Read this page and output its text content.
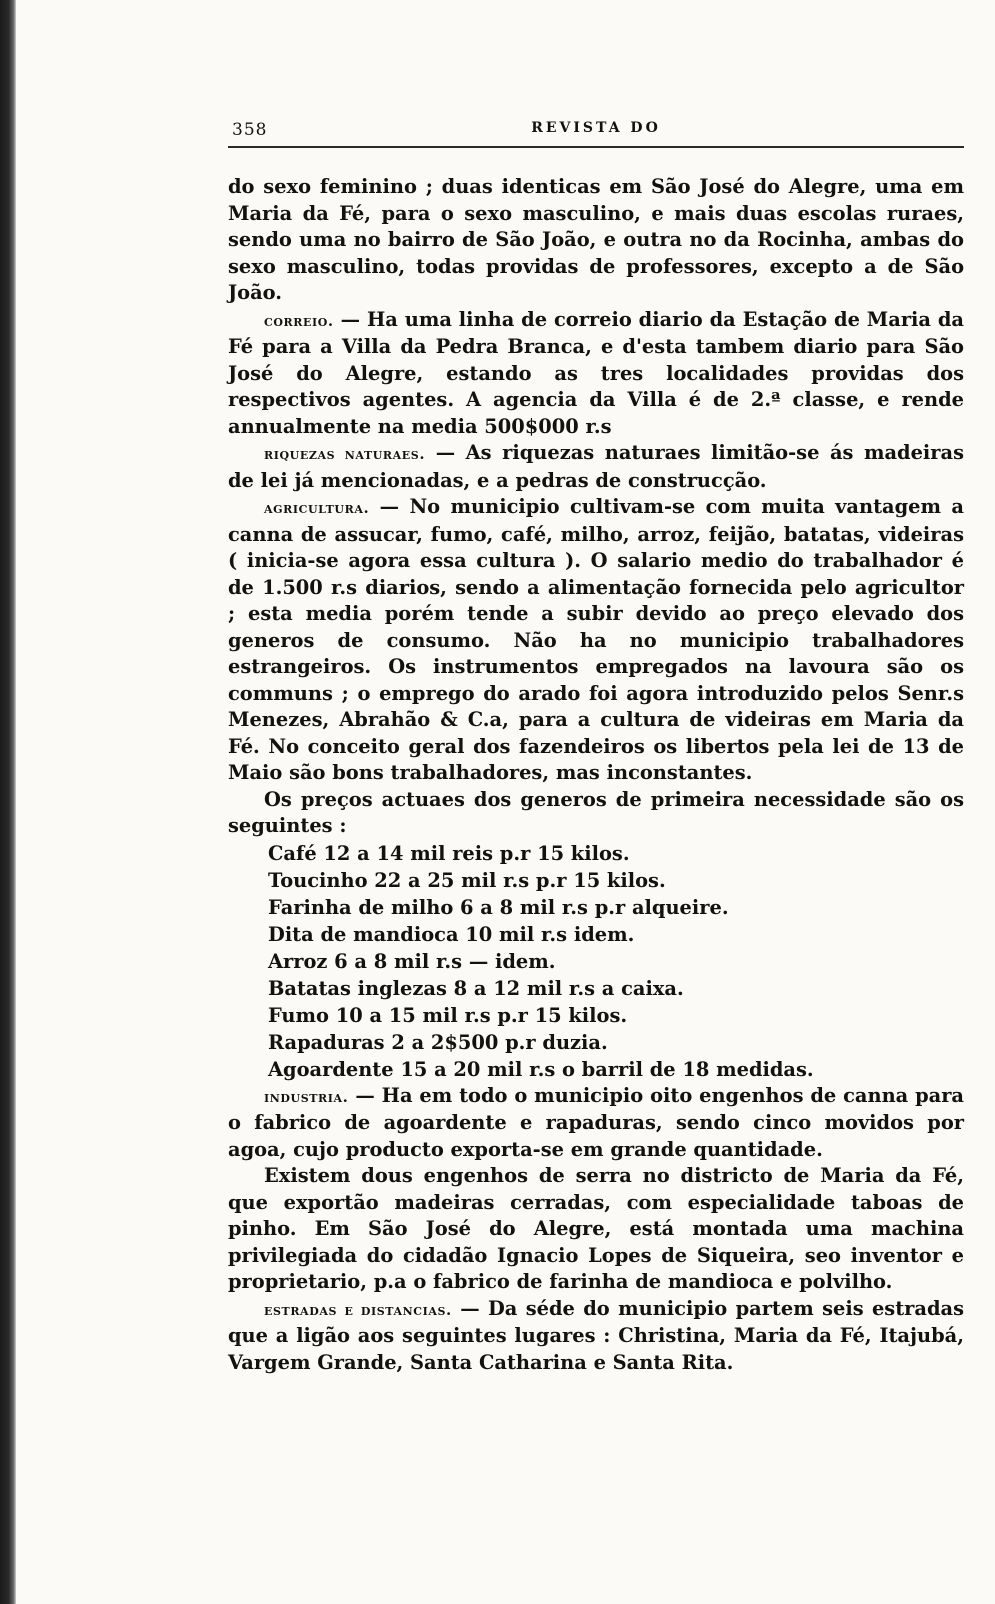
358	REVISTA DO

do sexo feminino ; duas identicas em São José do Alegre, uma em Maria da Fé, para o sexo masculino, e mais duas escolas ruraes, sendo uma no bairro de São João, e outra no da Rocinha, ambas do sexo masculino, todas providas de professores, excepto a de São João.

correio. — Ha uma linha de correio diario da Estação de Maria da Fé para a Villa da Pedra Branca, e d'esta tambem diario para São José do Alegre, estando as tres localidades providas dos respectivos agentes. A agencia da Villa é de 2.ª classe, e rende annualmente na media 500$000 r.s

riquezas naturaes. — As riquezas naturaes limitão-se ás madeiras de lei já mencionadas, e a pedras de construcção.

agricultura. — No municipio cultivam-se com muita vantagem a canna de assucar, fumo, café, milho, arroz, feijão, batatas, videiras ( inicia-se agora essa cultura ). O salario medio do trabalhador é de 1.500 r.s diarios, sendo a alimentação fornecida pelo agricultor ; esta media porém tende a subir devido ao preço elevado dos generos de consumo. Não ha no municipio trabalhadores estrangeiros. Os instrumentos empregados na lavoura são os communs ; o emprego do arado foi agora introduzido pelos Senr.s Menezes, Abrahão & C.a, para a cultura de videiras em Maria da Fé. No conceito geral dos fazendeiros os libertos pela lei de 13 de Maio são bons trabalhadores, mas inconstantes.

Os preços actuaes dos generos de primeira necessidade são os seguintes :

Café 12 a 14 mil reis p.r 15 kilos.
Toucinho 22 a 25 mil r.s p.r 15 kilos.
Farinha de milho 6 a 8 mil r.s p.r alqueire.
Dita de mandioca 10 mil r.s idem.
Arroz 6 a 8 mil r.s — idem.
Batatas inglezas 8 a 12 mil r.s a caixa.
Fumo 10 a 15 mil r.s p.r 15 kilos.
Rapaduras 2 a 2$500 p.r duzia.
Agoardente 15 a 20 mil r.s o barril de 18 medidas.

industria. — Ha em todo o municipio oito engenhos de canna para o fabrico de agoardente e rapaduras, sendo cinco movidos por agoa, cujo producto exporta-se em grande quantidade.

Existem dous engenhos de serra no districto de Maria da Fé, que exportão madeiras cerradas, com especialidade taboas de pinho. Em São José do Alegre, está montada uma machina privilegiada do cidadão Ignacio Lopes de Siqueira, seo inventor e proprietario, p.a o fabrico de farinha de mandioca e polvilho.

estradas e distancias. — Da séde do municipio partem seis estradas que a ligão aos seguintes lugares : Christina, Maria da Fé, Itajubá, Vargem Grande, Santa Catharina e Santa Rita.
